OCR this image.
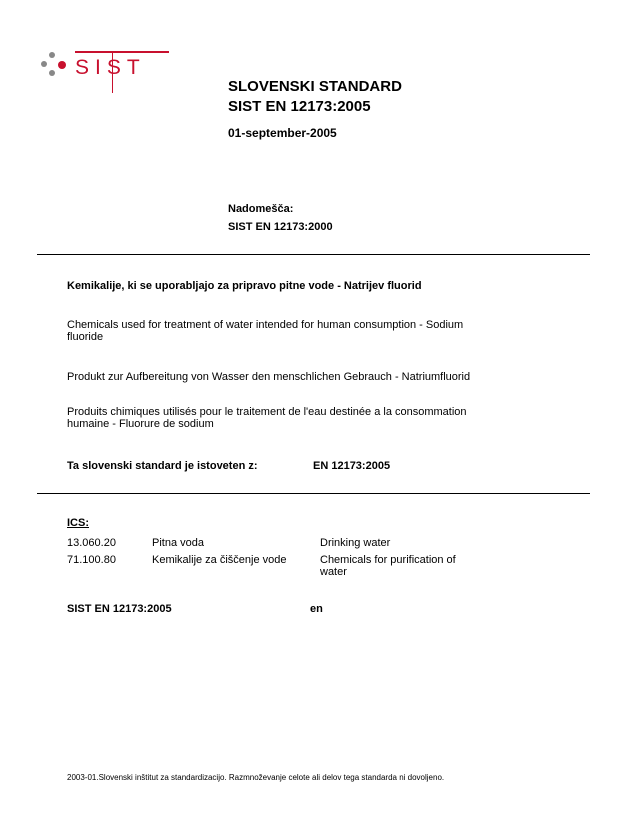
SIST
SLOVENSKI STANDARD
SIST EN 12173:2005
01-september-2005
Nadomešča:
SIST EN 12173:2000
Kemikalije, ki se uporabljajo za pripravo pitne vode - Natrijev fluorid
Chemicals used for treatment of water intended for human consumption - Sodium
fluoride
Produkt zur Aufbereitung von Wasser den menschlichen Gebrauch - Natriumfluorid
Produits chimiques utilisés pour le traitement de l'eau destinée a la consommation
humaine - Fluorure de sodium
Ta slovenski standard je istoveten z:	EN 12173:2005
ICS:
13.060.20	Pitna voda	Drinking water
71.100.80	Kemikalije za čiščenje vode	Chemicals for purification of
water
SIST EN 12173:2005	en
2003-01.Slovenski inštitut za standardizacijo. Razmnoževanje celote ali delov tega standarda ni dovoljeno.
